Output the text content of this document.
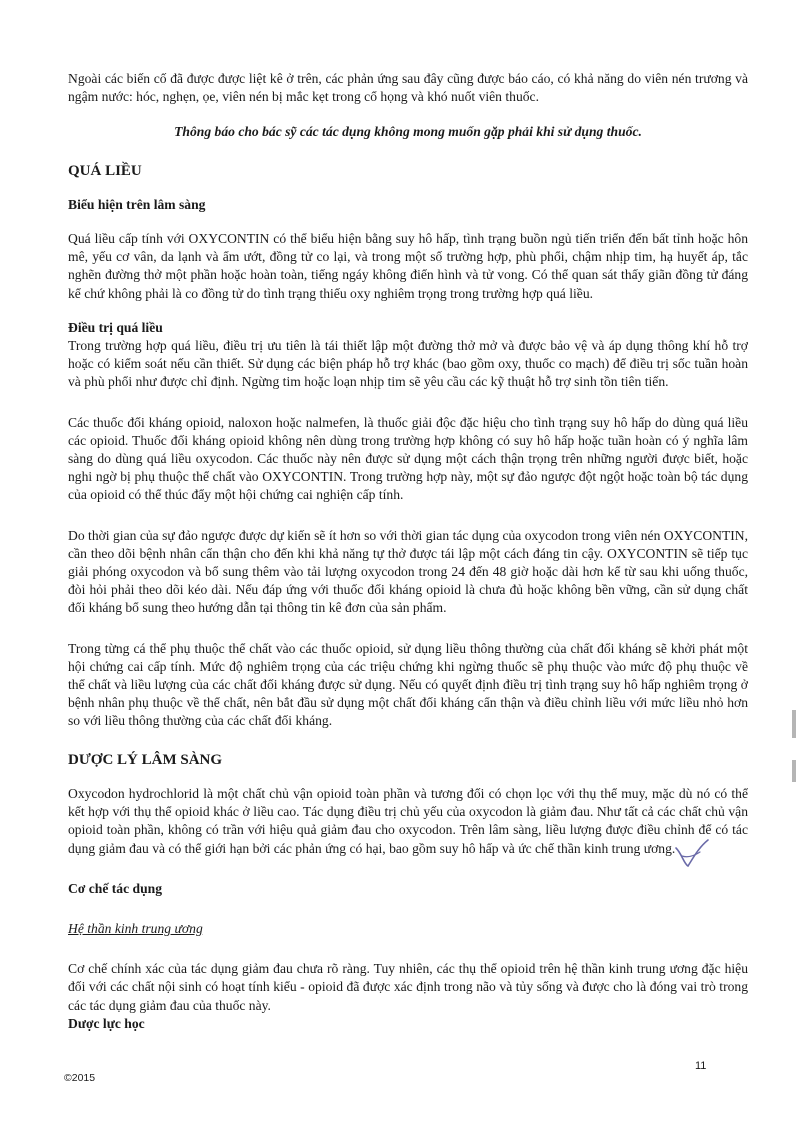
Ngoài các biến cố đã được được liệt kê ở trên, các phản ứng sau đây cũng được báo cáo, có khả năng do viên nén trương và ngậm nước: hóc, nghẹn, ọe, viên nén bị mắc kẹt trong cổ họng và khó nuốt viên thuốc.

Thông báo cho bác sỹ các tác dụng không mong muốn gặp phải khi sử dụng thuốc.

QUÁ LIỀU

Biểu hiện trên lâm sàng

Quá liều cấp tính với OXYCONTIN có thể biểu hiện bằng suy hô hấp, tình trạng buồn ngủ tiến triển đến bất tỉnh hoặc hôn mê, yếu cơ vân, da lạnh và ẩm ướt, đồng tử co lại, và trong một số trường hợp, phù phổi, chậm nhịp tim, hạ huyết áp, tắc nghẽn đường thở một phần hoặc hoàn toàn, tiếng ngáy không điển hình và tử vong. Có thể quan sát thấy giãn đồng tử đáng kể chứ không phải là co đồng tử do tình trạng thiếu oxy nghiêm trọng trong trường hợp quá liều.

Điều trị quá liều

Trong trường hợp quá liều, điều trị ưu tiên là tái thiết lập một đường thở mở và được bảo vệ và áp dụng thông khí hỗ trợ hoặc có kiểm soát nếu cần thiết. Sử dụng các biện pháp hỗ trợ khác (bao gồm oxy, thuốc co mạch) để điều trị sốc tuần hoàn và phù phổi như được chỉ định. Ngừng tim hoặc loạn nhịp tim sẽ yêu cầu các kỹ thuật hỗ trợ sinh tồn tiên tiến.

Các thuốc đối kháng opioid, naloxon hoặc nalmefen, là thuốc giải độc đặc hiệu cho tình trạng suy hô hấp do dùng quá liều các opioid. Thuốc đối kháng opioid không nên dùng trong trường hợp không có suy hô hấp hoặc tuần hoàn có ý nghĩa lâm sàng do dùng quá liều oxycodon. Các thuốc này nên được sử dụng một cách thận trọng trên những người được biết, hoặc nghi ngờ bị phụ thuộc thể chất vào OXYCONTIN. Trong trường hợp này, một sự đảo ngược đột ngột hoặc toàn bộ tác dụng của opioid có thể thúc đẩy một hội chứng cai nghiện cấp tính.

Do thời gian của sự đảo ngược được dự kiến sẽ ít hơn so với thời gian tác dụng của oxycodon trong viên nén OXYCONTIN, cần theo dõi bệnh nhân cẩn thận cho đến khi khả năng tự thở được tái lập một cách đáng tin cậy. OXYCONTIN sẽ tiếp tục giải phóng oxycodon và bổ sung thêm vào tải lượng oxycodon trong 24 đến 48 giờ hoặc dài hơn kể từ sau khi uống thuốc, đòi hỏi phải theo dõi kéo dài. Nếu đáp ứng với thuốc đối kháng opioid là chưa đủ hoặc không bền vững, cần sử dụng chất đối kháng bổ sung theo hướng dẫn tại thông tin kê đơn của sản phẩm.

Trong từng cá thể phụ thuộc thể chất vào các thuốc opioid, sử dụng liều thông thường của chất đối kháng sẽ khởi phát một hội chứng cai cấp tính. Mức độ nghiêm trọng của các triệu chứng khi ngừng thuốc sẽ phụ thuộc vào mức độ phụ thuộc về thể chất và liều lượng của các chất đối kháng được sử dụng. Nếu có quyết định điều trị tình trạng suy hô hấp nghiêm trọng ở bệnh nhân phụ thuộc về thể chất, nên bắt đầu sử dụng một chất đối kháng cẩn thận và điều chỉnh liều với mức liều nhỏ hơn so với liều thông thường của các chất đối kháng.

DƯỢC LÝ LÂM SÀNG

Oxycodon hydrochlorid là một chất chủ vận opioid toàn phần và tương đối có chọn lọc với thụ thể muy, mặc dù nó có thể kết hợp với thụ thể opioid khác ở liều cao. Tác dụng điều trị chủ yếu của oxycodon là giảm đau. Như tất cả các chất chủ vận opioid toàn phần, không có trần với hiệu quả giảm đau cho oxycodon. Trên lâm sàng, liều lượng được điều chỉnh để có tác dụng giảm đau và có thể giới hạn bởi các phản ứng có hại, bao gồm suy hô hấp và ức chế thần kinh trung ương.

Cơ chế tác dụng

Hệ thần kinh trung ương

Cơ chế chính xác của tác dụng giảm đau chưa rõ ràng. Tuy nhiên, các thụ thể opioid trên hệ thần kinh trung ương đặc hiệu đối với các chất nội sinh có hoạt tính kiểu - opioid đã được xác định trong não và tủy sống và được cho là đóng vai trò trong các tác dụng giảm đau của thuốc này.

Dược lực học

11
©2015
